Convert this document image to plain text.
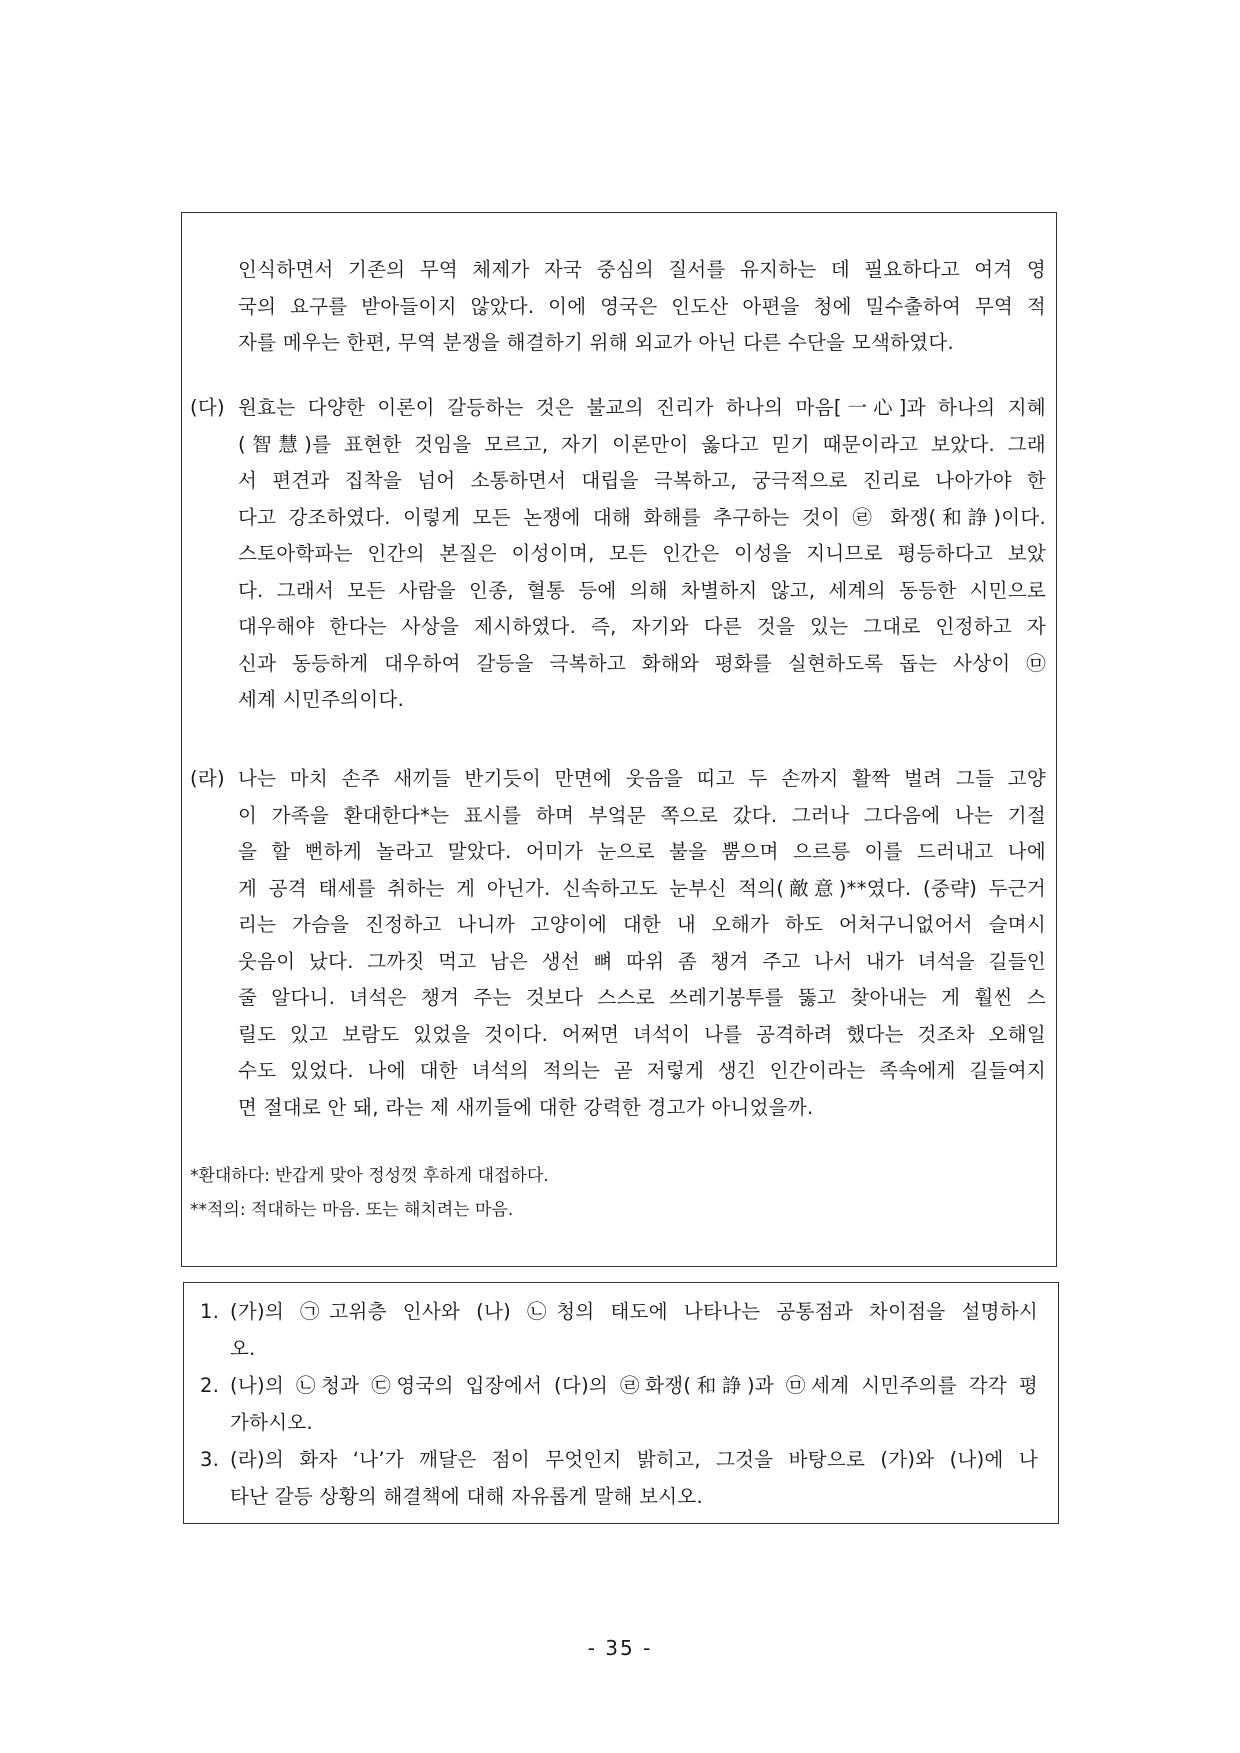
인식하면서 기존의 무역 체제가 자국 중심의 질서를 유지하는 데 필요하다고 여겨 영
국의 요구를 받아들이지 않았다. 이에 영국은 인도산 아편을 청에 밀수출하여 무역 적
자를 메우는 한편, 무역 분쟁을 해결하기 위해 외교가 아닌 다른 수단을 모색하였다.
(다) 원효는 다양한 이론이 갈등하는 것은 불교의 진리가 하나의 마음[一心]과 하나의 지혜
(智慧)를 표현한 것임을 모르고, 자기 이론만이 옳다고 믿기 때문이라고 보았다. 그래
서 편견과 집착을 넘어 소통하면서 대립을 극복하고, 궁극적으로 진리로 나아가야 한
다고 강조하였다. 이렇게 모든 논쟁에 대해 화해를 추구하는 것이 ㉣ 화쟁(和諍)이다.
스토아학파는 인간의 본질은 이성이며, 모든 인간은 이성을 지니므로 평등하다고 보았
다. 그래서 모든 사람을 인종, 혈통 등에 의해 차별하지 않고, 세계의 동등한 시민으로
대우해야 한다는 사상을 제시하였다. 즉, 자기와 다른 것을 있는 그대로 인정하고 자
신과 동등하게 대우하여 갈등을 극복하고 화해와 평화를 실현하도록 돕는 사상이 ㉤
세계 시민주의이다.
(라) 나는 마치 손주 새끼들 반기듯이 만면에 웃음을 띠고 두 손까지 활짝 벌려 그들 고양
이 가족을 환대한다*는 표시를 하며 부엌문 쪽으로 갔다. 그러나 그다음에 나는 기절
을 할 뻔하게 놀라고 말았다. 어미가 눈으로 불을 뿜으며 으르릉 이를 드러내고 나에
게 공격 태세를 취하는 게 아닌가. 신속하고도 눈부신 적의(敵意)**였다. (중략) 두근거
리는 가슴을 진정하고 나니까 고양이에 대한 내 오해가 하도 어처구니없어서 슬며시
웃음이 났다. 그까짓 먹고 남은 생선 뼈 따위 좀 챙겨 주고 나서 내가 녀석을 길들인
줄 알다니. 녀석은 챙겨 주는 것보다 스스로 쓰레기봉투를 뚫고 찾아내는 게 훨씬 스
릴도 있고 보람도 있었을 것이다. 어쩌면 녀석이 나를 공격하려 했다는 것조차 오해일
수도 있었다. 나에 대한 녀석의 적의는 곧 저렇게 생긴 인간이라는 족속에게 길들여지
면 절대로 안 돼, 라는 제 새끼들에 대한 강력한 경고가 아니었을까.
*환대하다: 반갑게 맞아 정성껏 후하게 대접하다.
**적의: 적대하는 마음. 또는 해치려는 마음.
1. (가)의 ㉠고위층 인사와 (나) ㉡청의 태도에 나타나는 공통점과 차이점을 설명하시
오.
2. (나)의 ㉡청과 ㉢영국의 입장에서 (다)의 ㉣화쟁(和諍)과 ㉤세계 시민주의를 각각 평
가하시오.
3. (라)의 화자 ‘나’가 깨달은 점이 무엇인지 밝히고, 그것을 바탕으로 (가)와 (나)에 나
타난 갈등 상황의 해결책에 대해 자유롭게 말해 보시오.
- 35 -
